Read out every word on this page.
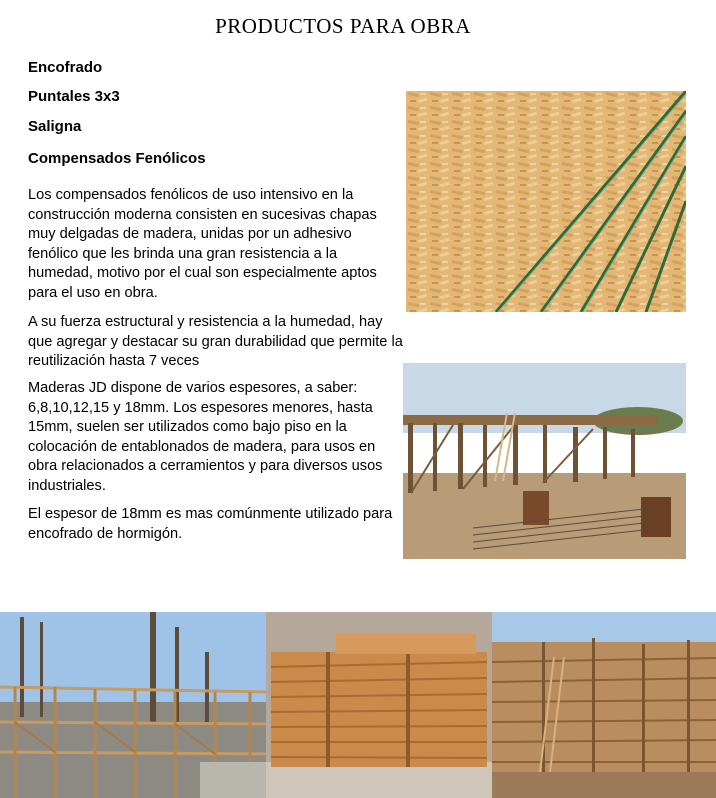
PRODUCTOS PARA OBRA
Encofrado
Puntales 3x3
Saligna
Compensados Fenólicos
Los compensados fenólicos de uso intensivo en la construcción moderna consisten en sucesivas chapas muy delgadas de madera, unidas por un adhesivo fenólico que les brinda una gran resistencia a la humedad, motivo por el cual son especialmente aptos para el uso en obra.
A su fuerza estructural y resistencia a la humedad, hay que agregar y destacar su gran durabilidad que permite la reutilización hasta 7 veces
Maderas JD dispone de varios espesores, a saber: 6,8,10,12,15 y 18mm. Los espesores menores, hasta 15mm, suelen ser utilizados como bajo piso en la colocación de entablonados de madera, para usos en obra relacionados a cerramientos y para diversos usos industriales.
El espesor de 18mm es mas comúnmente utilizado para encofrado de hormigón.
